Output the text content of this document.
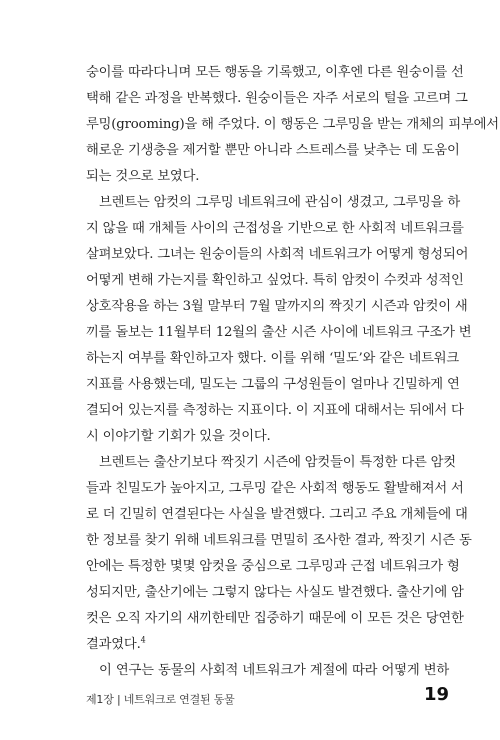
숭이를 따라다니며 모든 행동을 기록했고, 이후엔 다른 원숭이를 선
택해 같은 과정을 반복했다. 원숭이들은 자주 서로의 털을 고르며 그
루밍(grooming)을 해 주었다. 이 행동은 그루밍을 받는 개체의 피부에서
해로운 기생충을 제거할 뿐만 아니라 스트레스를 낮추는 데 도움이
되는 것으로 보였다.
브렌트는 암컷의 그루밍 네트워크에 관심이 생겼고, 그루밍을 하
지 않을 때 개체들 사이의 근접성을 기반으로 한 사회적 네트워크를
살펴보았다. 그녀는 원숭이들의 사회적 네트워크가 어떻게 형성되어
어떻게 변해 가는지를 확인하고 싶었다. 특히 암컷이 수컷과 성적인
상호작용을 하는 3월 말부터 7월 말까지의 짝짓기 시즌과 암컷이 새
끼를 돌보는 11월부터 12월의 출산 시즌 사이에 네트워크 구조가 변
하는지 여부를 확인하고자 했다. 이를 위해 ‘밀도’와 같은 네트워크
지표를 사용했는데, 밀도는 그룹의 구성원들이 얼마나 긴밀하게 연
결되어 있는지를 측정하는 지표이다. 이 지표에 대해서는 뒤에서 다
시 이야기할 기회가 있을 것이다.
브렌트는 출산기보다 짝짓기 시즌에 암컷들이 특정한 다른 암컷
들과 친밀도가 높아지고, 그루밍 같은 사회적 행동도 활발해져서 서
로 더 긴밀히 연결된다는 사실을 발견했다. 그리고 주요 개체들에 대
한 정보를 찾기 위해 네트워크를 면밀히 조사한 결과, 짝짓기 시즌 동
안에는 특정한 몇몇 암컷을 중심으로 그루밍과 근접 네트워크가 형
성되지만, 출산기에는 그렇지 않다는 사실도 발견했다. 출산기에 암
컷은 오직 자기의 새끼한테만 집중하기 때문에 이 모든 것은 당연한
결과였다.$^4$
이 연구는 동물의 사회적 네트워크가 계절에 따라 어떻게 변하
제1장 | 네트워크로 연결된 동물	19
